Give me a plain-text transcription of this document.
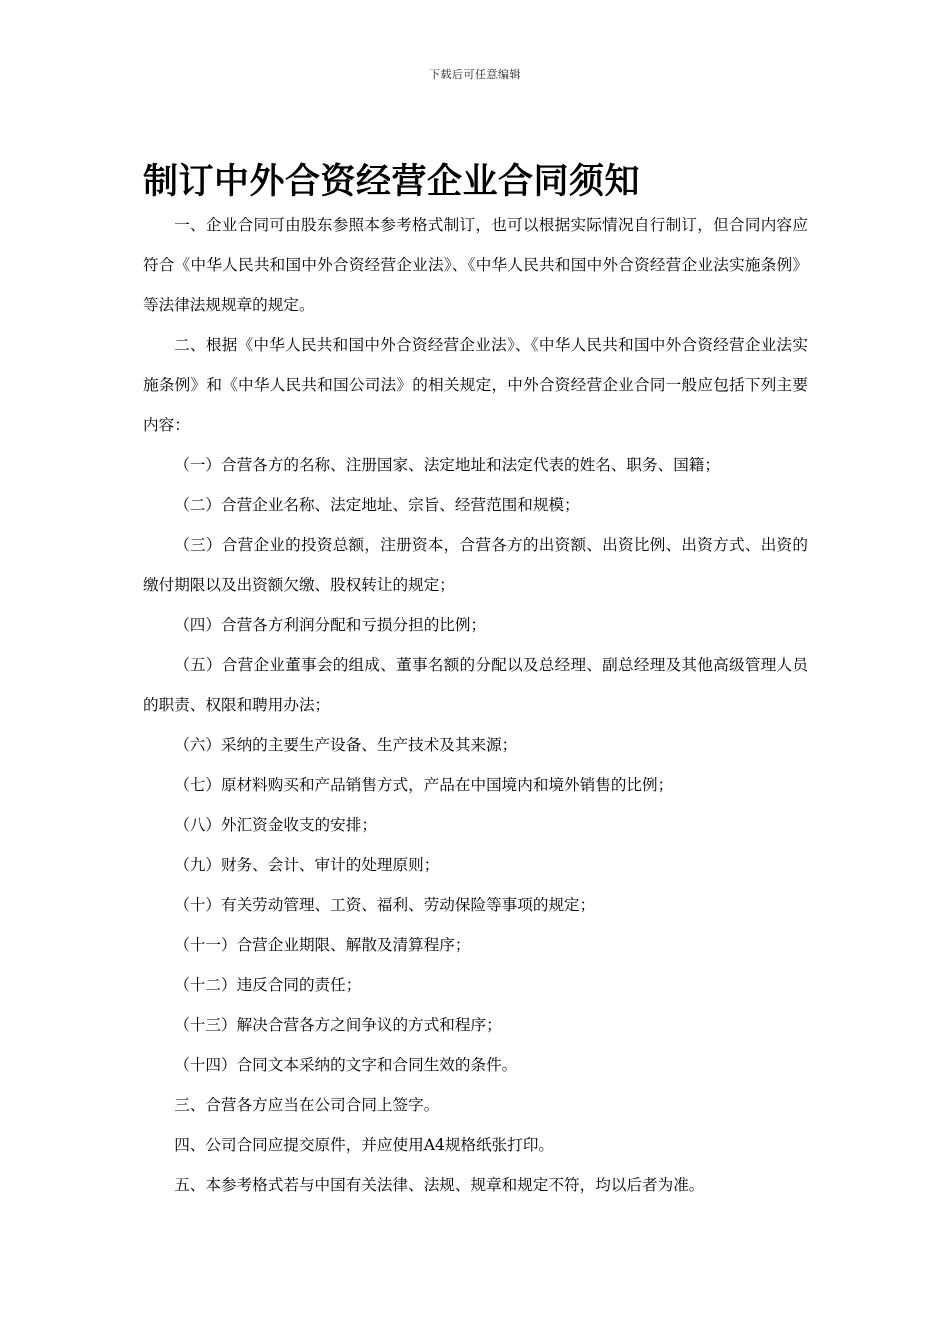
下载后可任意编辑
制订中外合资经营企业合同须知

一、企业合同可由股东参照本参考格式制订，也可以根据实际情况自行制订，但合同内容应符合《中华人民共和国中外合资经营企业法》、《中华人民共和国中外合资经营企业法实施条例》等法律法规规章的规定。

二、根据《中华人民共和国中外合资经营企业法》、《中华人民共和国中外合资经营企业法实施条例》和《中华人民共和国公司法》的相关规定，中外合资经营企业合同一般应包括下列主要内容：

（一）合营各方的名称、注册国家、法定地址和法定代表的姓名、职务、国籍；

（二）合营企业名称、法定地址、宗旨、经营范围和规模；

（三）合营企业的投资总额，注册资本，合营各方的出资额、出资比例、出资方式、出资的缴付期限以及出资额欠缴、股权转让的规定；

（四）合营各方利润分配和亏损分担的比例；

（五）合营企业董事会的组成、董事名额的分配以及总经理、副总经理及其他高级管理人员的职责、权限和聘用办法；

（六）采纳的主要生产设备、生产技术及其来源；

（七）原材料购买和产品销售方式，产品在中国境内和境外销售的比例；

（八）外汇资金收支的安排；

（九）财务、会计、审计的处理原则；

（十）有关劳动管理、工资、福利、劳动保险等事项的规定；

（十一）合营企业期限、解散及清算程序；

（十二）违反合同的责任；

（十三）解决合营各方之间争议的方式和程序；

（十四）合同文本采纳的文字和合同生效的条件。

三、合营各方应当在公司合同上签字。

四、公司合同应提交原件，并应使用A4规格纸张打印。

五、本参考格式若与中国有关法律、法规、规章和规定不符，均以后者为准。
